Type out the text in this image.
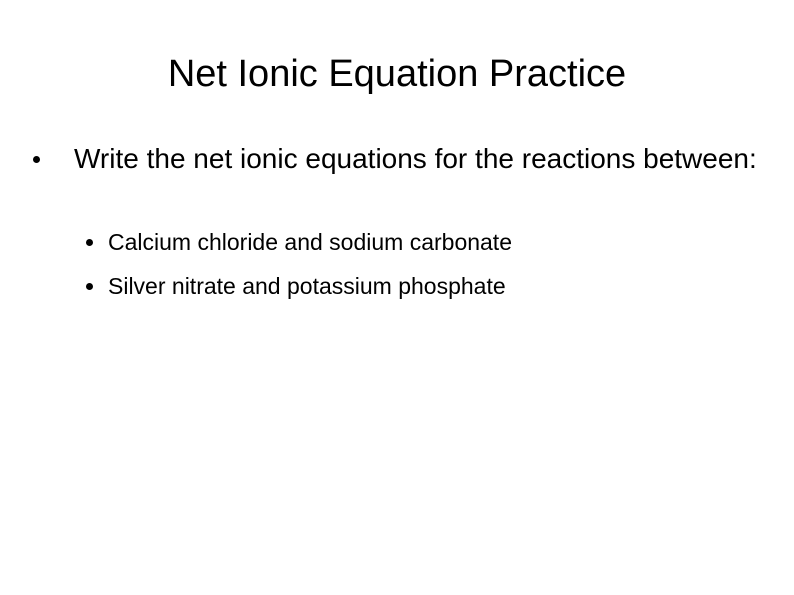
Net Ionic Equation Practice
Write the net ionic equations for the reactions between:
Calcium chloride and sodium carbonate
Silver nitrate and potassium phosphate
